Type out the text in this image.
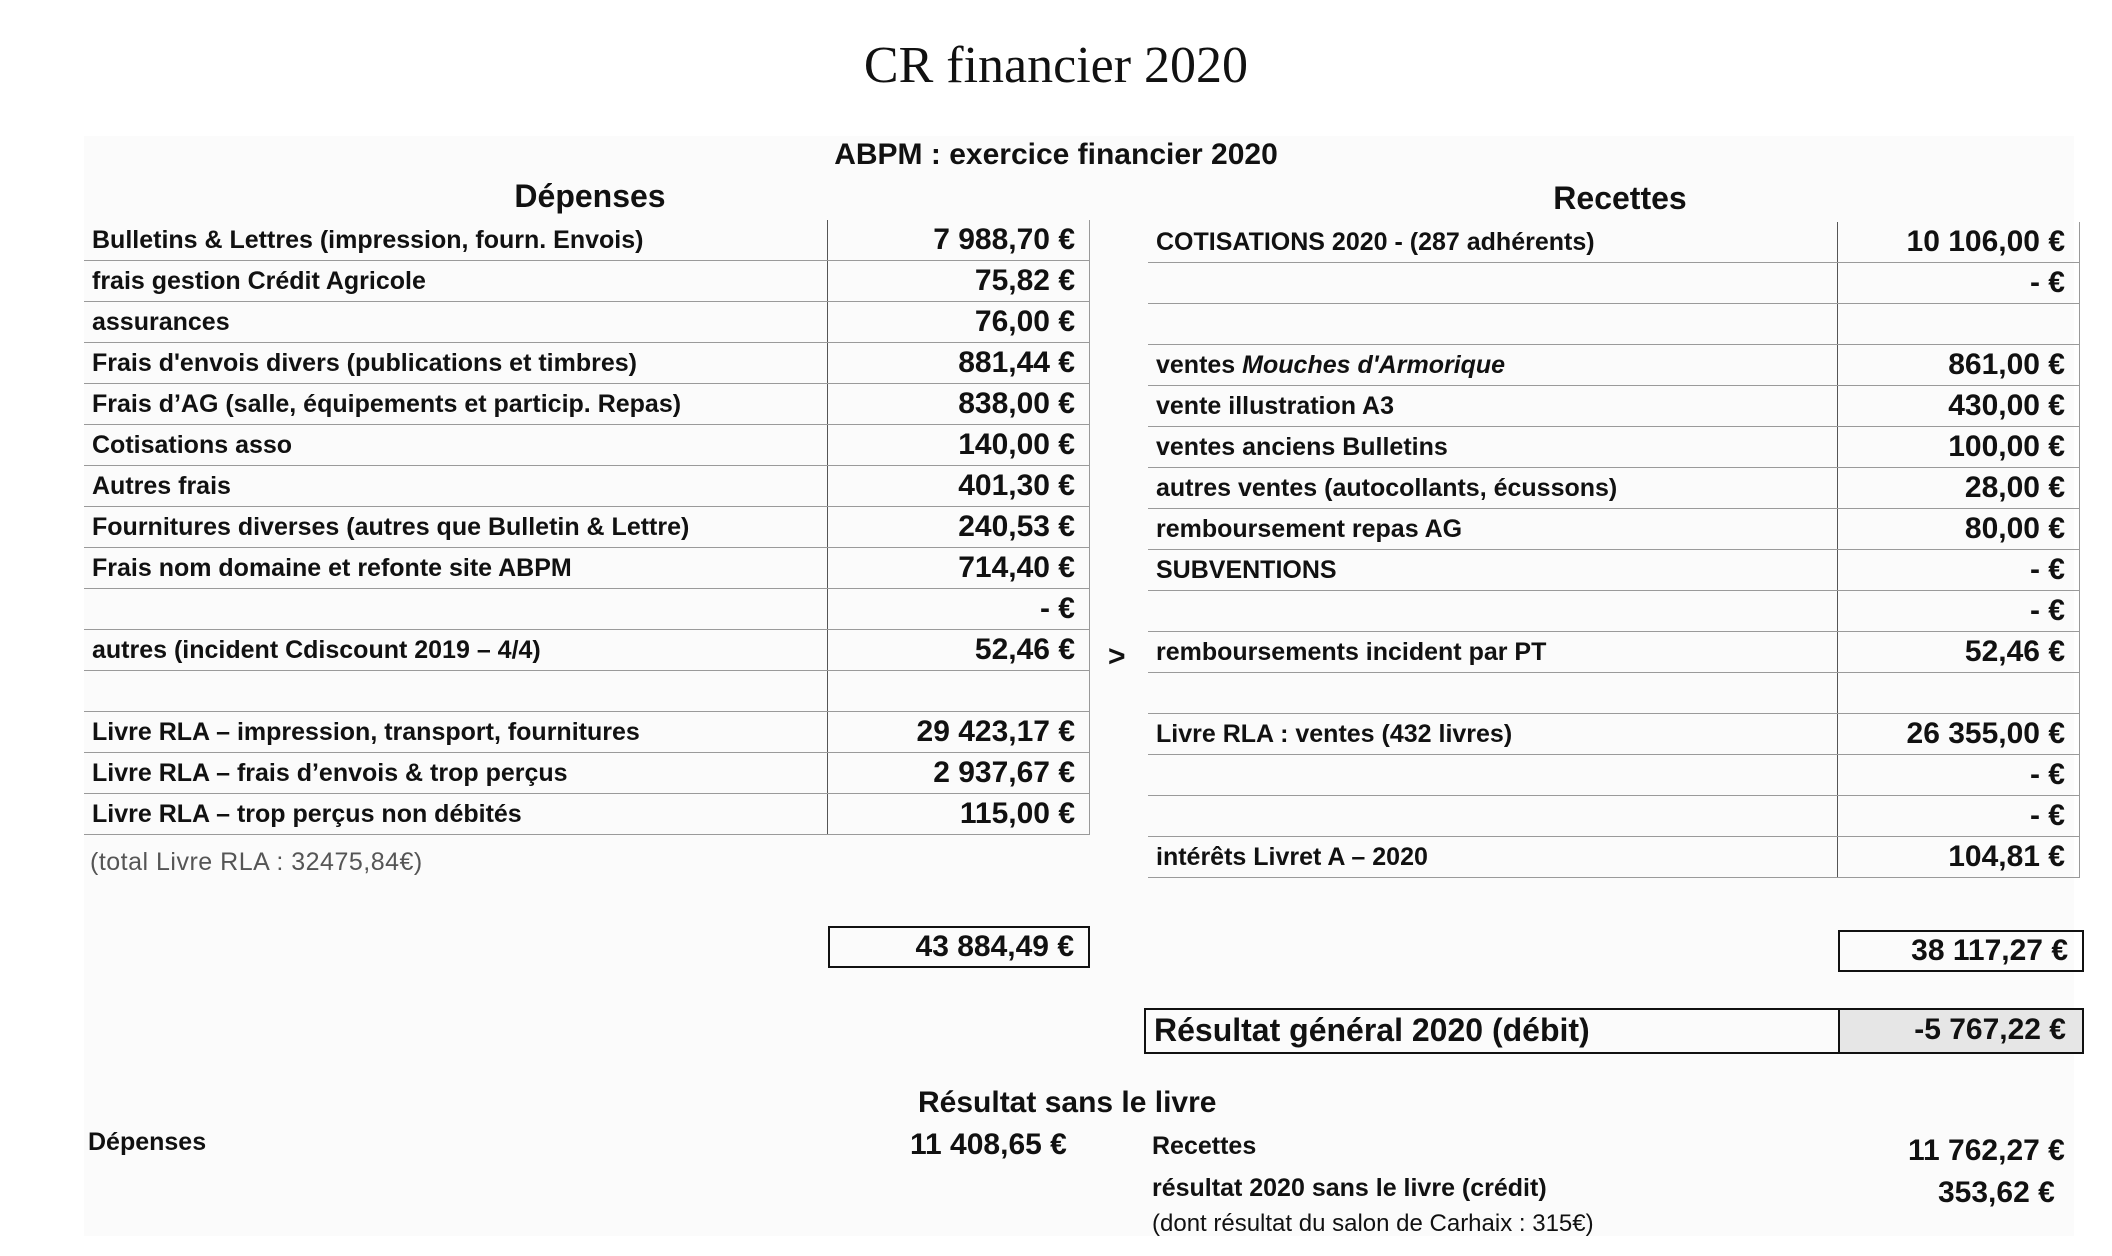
CR financier 2020
ABPM : exercice financier 2020
Dépenses	Recettes
Bulletins & Lettres (impression, fourn. Envois)	7 988,70 €
frais gestion Crédit Agricole	75,82 €
assurances	76,00 €
Frais d'envois divers (publications et timbres)	881,44 €
Frais d’AG (salle, équipements et particip. Repas)	838,00 €
Cotisations asso	140,00 €
Autres frais	401,30 €
Fournitures diverses (autres que Bulletin & Lettre)	240,53 €
Frais nom domaine et refonte site ABPM	714,40 €
	- €
autres (incident Cdiscount 2019 – 4/4)	52,46 €

Livre RLA – impression, transport, fournitures	29 423,17 €
Livre RLA – frais d’envois & trop perçus	2 937,67 €
Livre RLA – trop perçus non débités	115,00 €
(total Livre RLA : 32475,84€)
43 884,49 €
>
COTISATIONS 2020 - (287 adhérents)	10 106,00 €
	- €

ventes Mouches d'Armorique	861,00 €
vente illustration A3	430,00 €
ventes anciens Bulletins	100,00 €
autres ventes (autocollants, écussons)	28,00 €
remboursement repas AG	80,00 €
SUBVENTIONS	- €
	- €
remboursements incident par PT	52,46 €

Livre RLA : ventes (432 livres)	26 355,00 €
	- €
	- €
intérêts Livret A – 2020	104,81 €
38 117,27 €
Résultat général 2020 (débit)	-5 767,22 €
Résultat sans le livre
Dépenses	11 408,65 €	Recettes	11 762,27 €
résultat 2020 sans le livre (crédit)	353,62 €
(dont résultat du salon de Carhaix : 315€)
